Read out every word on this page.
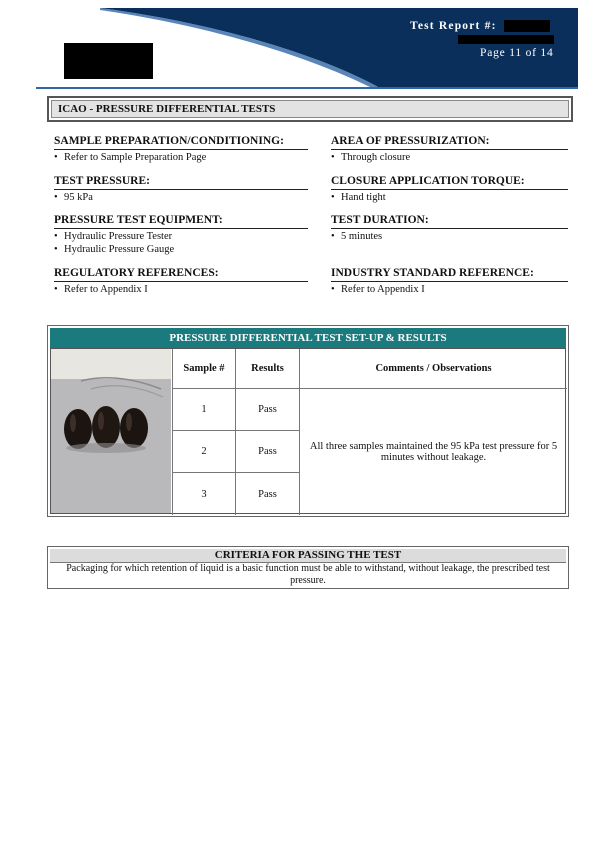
Test Report #:
Page 11 of 14
ICAO - PRESSURE DIFFERENTIAL TESTS
SAMPLE PREPARATION/CONDITIONING:
• Refer to Sample Preparation Page
AREA OF PRESSURIZATION:
• Through closure
TEST PRESSURE:
• 95 kPa
CLOSURE APPLICATION TORQUE:
• Hand tight
PRESSURE TEST EQUIPMENT:
• Hydraulic Pressure Tester
• Hydraulic Pressure Gauge
TEST DURATION:
• 5 minutes
REGULATORY REFERENCES:
• Refer to Appendix I
INDUSTRY STANDARD REFERENCE:
• Refer to Appendix I
PRESSURE DIFFERENTIAL TEST SET-UP & RESULTS
Sample #	Results	Comments / Observations
1	Pass
2	Pass
3	Pass
All three samples maintained the 95 kPa test pressure for 5 minutes without leakage.
CRITERIA FOR PASSING THE TEST
Packaging for which retention of liquid is a basic function must be able to withstand, without leakage, the prescribed test pressure.
